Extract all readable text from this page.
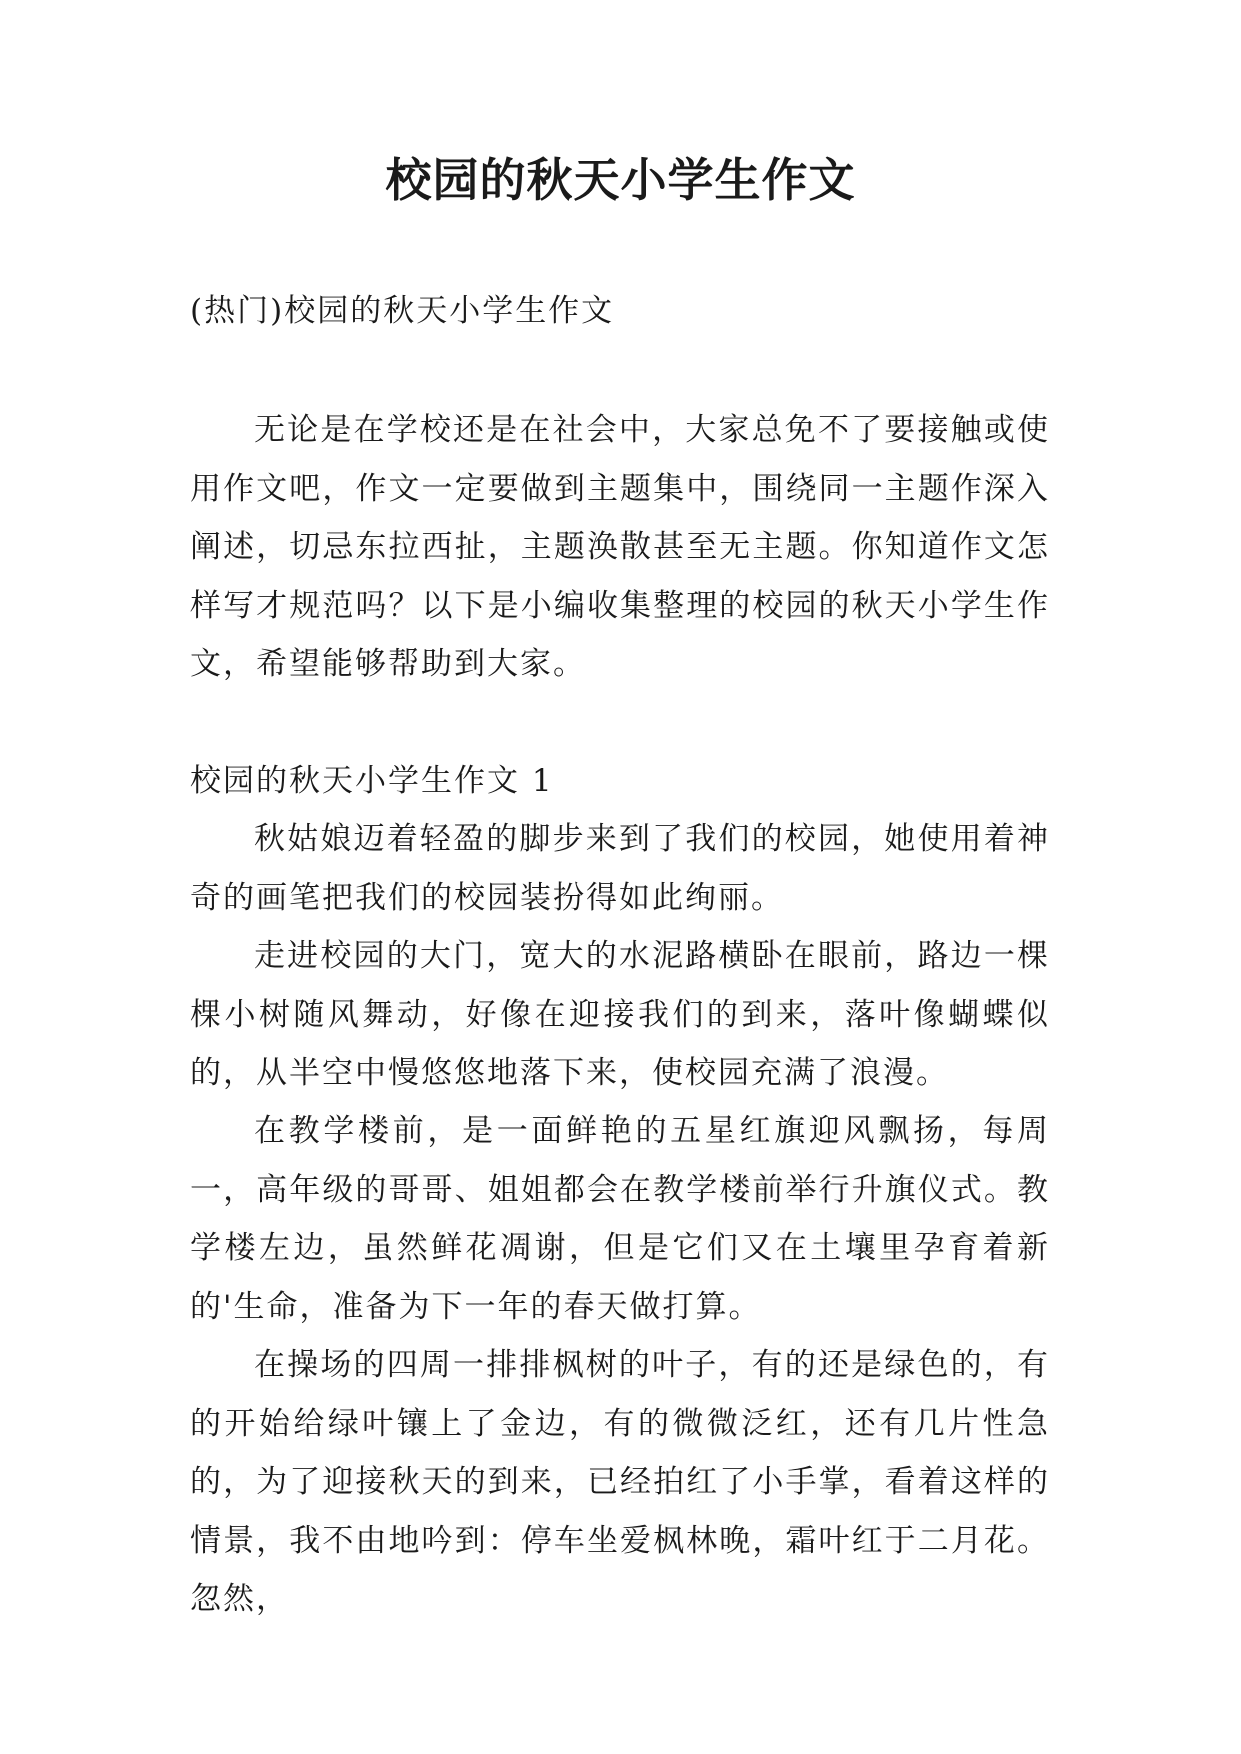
校园的秋天小学生作文
(热门)校园的秋天小学生作文

无论是在学校还是在社会中，大家总免不了要接触或使用作文吧，作文一定要做到主题集中，围绕同一主题作深入阐述，切忌东拉西扯，主题涣散甚至无主题。你知道作文怎样写才规范吗？以下是小编收集整理的校园的秋天小学生作文，希望能够帮助到大家。

校园的秋天小学生作文 1

秋姑娘迈着轻盈的脚步来到了我们的校园，她使用着神奇的画笔把我们的校园装扮得如此绚丽。

走进校园的大门，宽大的水泥路横卧在眼前，路边一棵棵小树随风舞动，好像在迎接我们的到来，落叶像蝴蝶似的，从半空中慢悠悠地落下来，使校园充满了浪漫。

在教学楼前，是一面鲜艳的五星红旗迎风飘扬，每周一，高年级的哥哥、姐姐都会在教学楼前举行升旗仪式。教学楼左边，虽然鲜花凋谢，但是它们又在土壤里孕育着新的'生命，准备为下一年的春天做打算。

在操场的四周一排排枫树的叶子，有的还是绿色的，有的开始给绿叶镶上了金边，有的微微泛红，还有几片性急的，为了迎接秋天的到来，已经拍红了小手掌，看着这样的情景，我不由地吟到：停车坐爱枫林晚，霜叶红于二月花。忽然，
